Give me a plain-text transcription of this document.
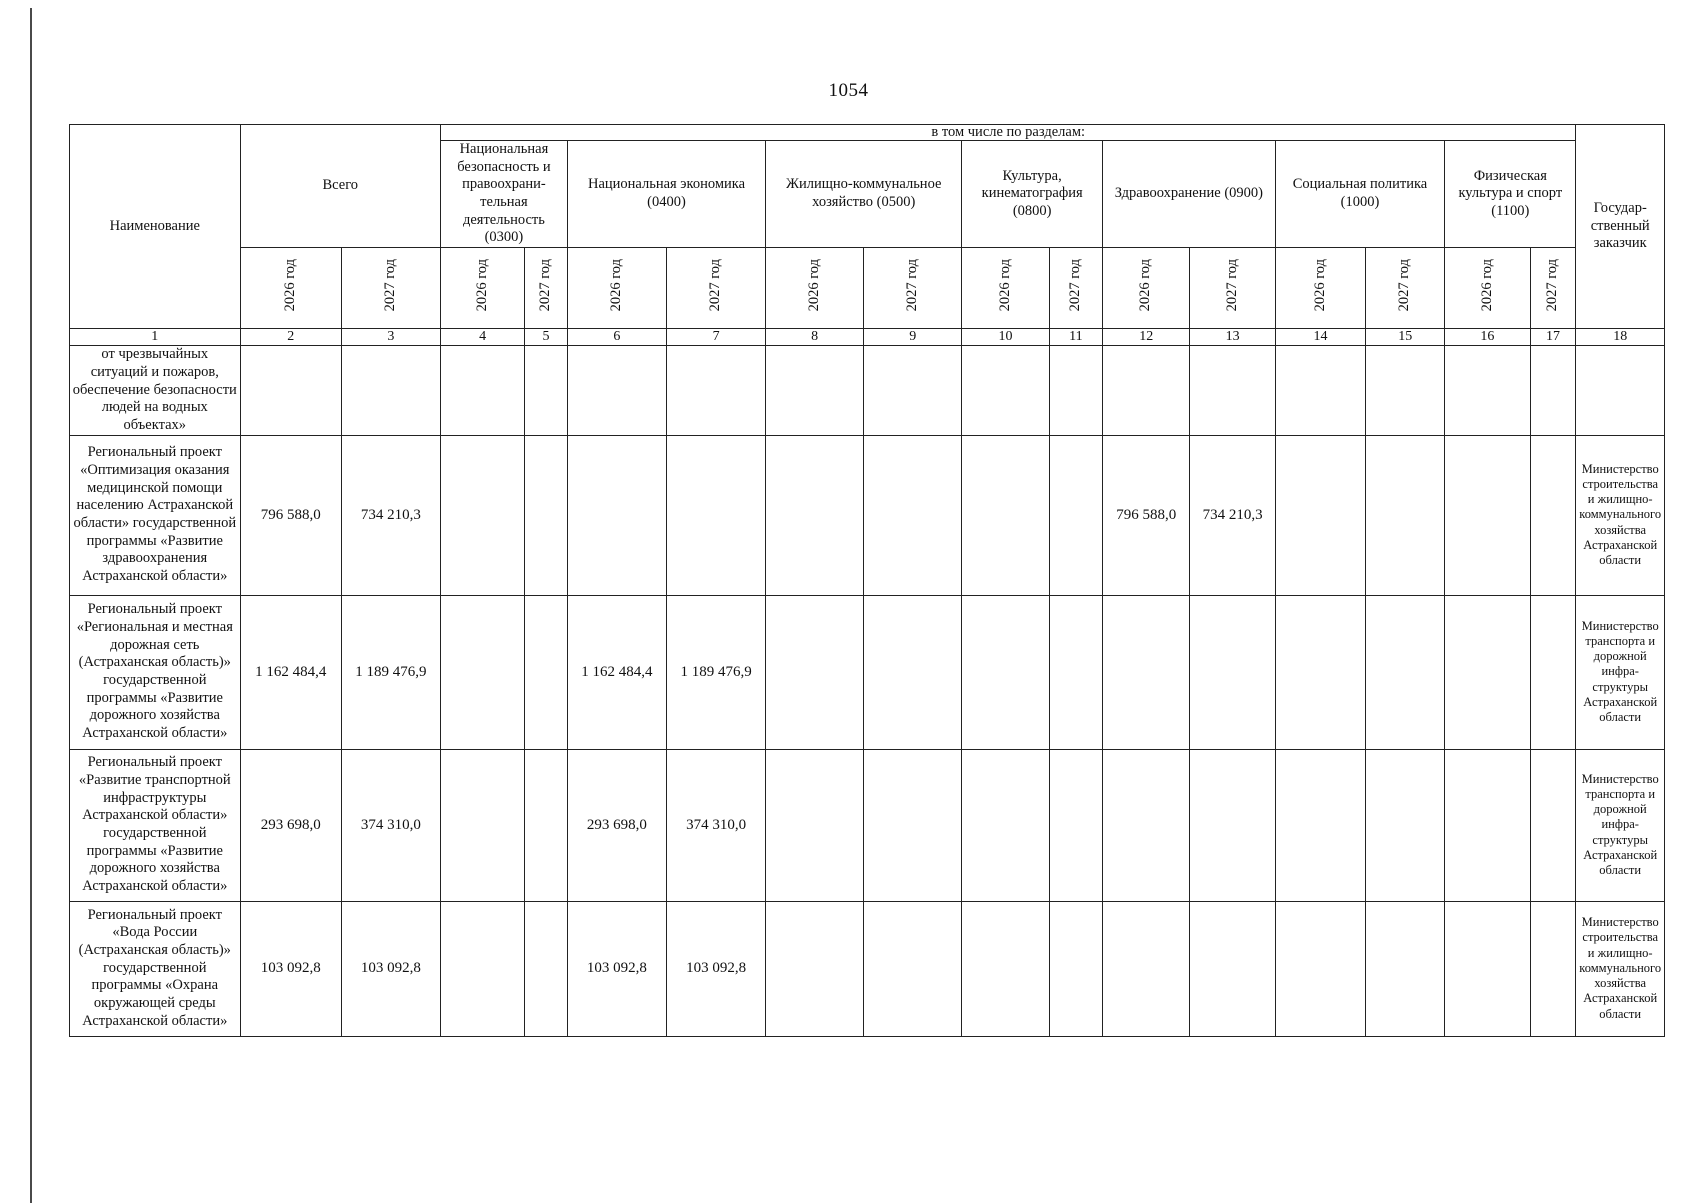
1054
Наименование	Всего		в том числе по разделам:														Государ-ственный заказчик
			Национальная безопасность и правоохрани-тельная деятельность (0300)		Национальная экономика (0400)		Жилищно-коммунальное хозяйство (0500)		Культура, кинематография (0800)		Здравоохранение (0900)		Социальная политика (1000)		Физическая культура и спорт (1100)		
	2026 год	2027 год	2026 год	2027 год	2026 год	2027 год	2026 год	2027 год	2026 год	2027 год	2026 год	2027 год	2026 год	2027 год	2026 год	2027 год	
1	2	3	4	5	6	7	8	9	10	11	12	13	14	15	16	17	18
от чрезвычайных ситуаций и пожаров, обеспечение безопасности людей на водных объектах»																	
Региональный проект «Оптимизация оказания медицинской помощи населению Астраханской области» государственной программы «Развитие здравоохранения Астраханской области»	796 588,0	734 210,3									796 588,0	734 210,3					Министерство строительства и жилищно-коммунального хозяйства Астраханской области
Региональный проект «Региональная и местная дорожная сеть (Астраханская область)» государственной программы «Развитие дорожного хозяйства Астраханской области»	1 162 484,4	1 189 476,9			1 162 484,4	1 189 476,9											Министерство транспорта и дорожной инфра-структуры Астраханской области
Региональный проект «Развитие транспортной инфраструктуры Астраханской области» государственной программы «Развитие дорожного хозяйства Астраханской области»	293 698,0	374 310,0			293 698,0	374 310,0											Министерство транспорта и дорожной инфра-структуры Астраханской области
Региональный проект «Вода России (Астраханская область)» государственной программы «Охрана окружающей среды Астраханской области»	103 092,8	103 092,8			103 092,8	103 092,8											Министерство строительства и жилищно-коммунального хозяйства Астраханской области
